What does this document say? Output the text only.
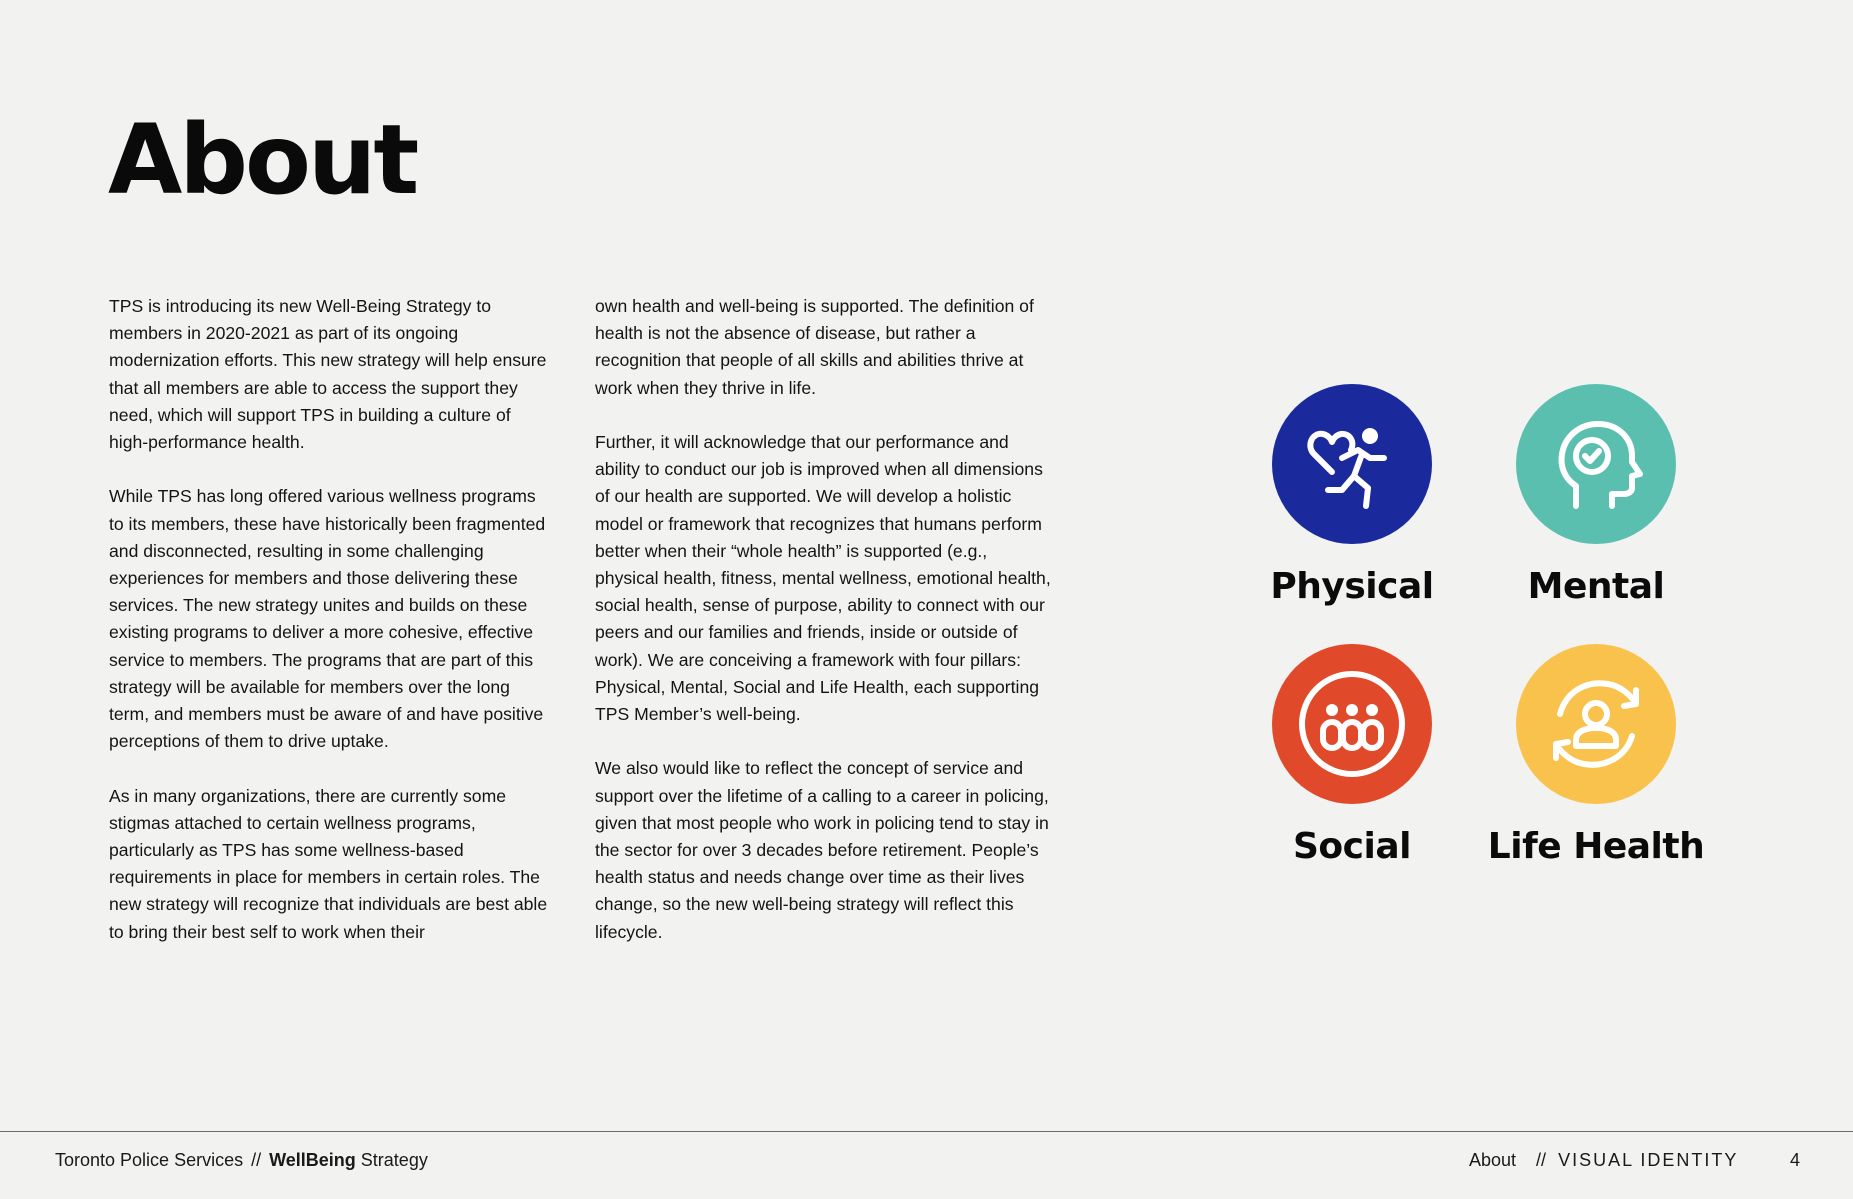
About

TPS is introducing its new Well-Being Strategy to members in 2020-2021 as part of its ongoing modernization efforts. This new strategy will help ensure that all members are able to access the support they need, which will support TPS in building a culture of high-performance health.

While TPS has long offered various wellness programs to its members, these have historically been fragmented and disconnected, resulting in some challenging experiences for members and those delivering these services. The new strategy unites and builds on these existing programs to deliver a more cohesive, effective service to members. The programs that are part of this strategy will be available for members over the long term, and members must be aware of and have positive perceptions of them to drive uptake.

As in many organizations, there are currently some stigmas attached to certain wellness programs, particularly as TPS has some wellness-based requirements in place for members in certain roles. The new strategy will recognize that individuals are best able to bring their best self to work when their

own health and well-being is supported. The definition of health is not the absence of disease, but rather a recognition that people of all skills and abilities thrive at work when they thrive in life.

Further, it will acknowledge that our performance and ability to conduct our job is improved when all dimensions of our health are supported. We will develop a holistic model or framework that recognizes that humans perform better when their “whole health” is supported (e.g., physical health, fitness, mental wellness, emotional health, social health, sense of purpose, ability to connect with our peers and our families and friends, inside or outside of work). We are conceiving a framework with four pillars: Physical, Mental, Social and Life Health, each supporting TPS Member’s well-being.

We also would like to reflect the concept of service and support over the lifetime of a calling to a career in policing, given that most people who work in policing tend to stay in the sector for over 3 decades before retirement. People’s health status and needs change over time as their lives change, so the new well-being strategy will reflect this lifecycle.

Physical	Mental
Social	Life Health
Toronto Police Services // WellBeing Strategy	About // VISUAL IDENTITY	4
